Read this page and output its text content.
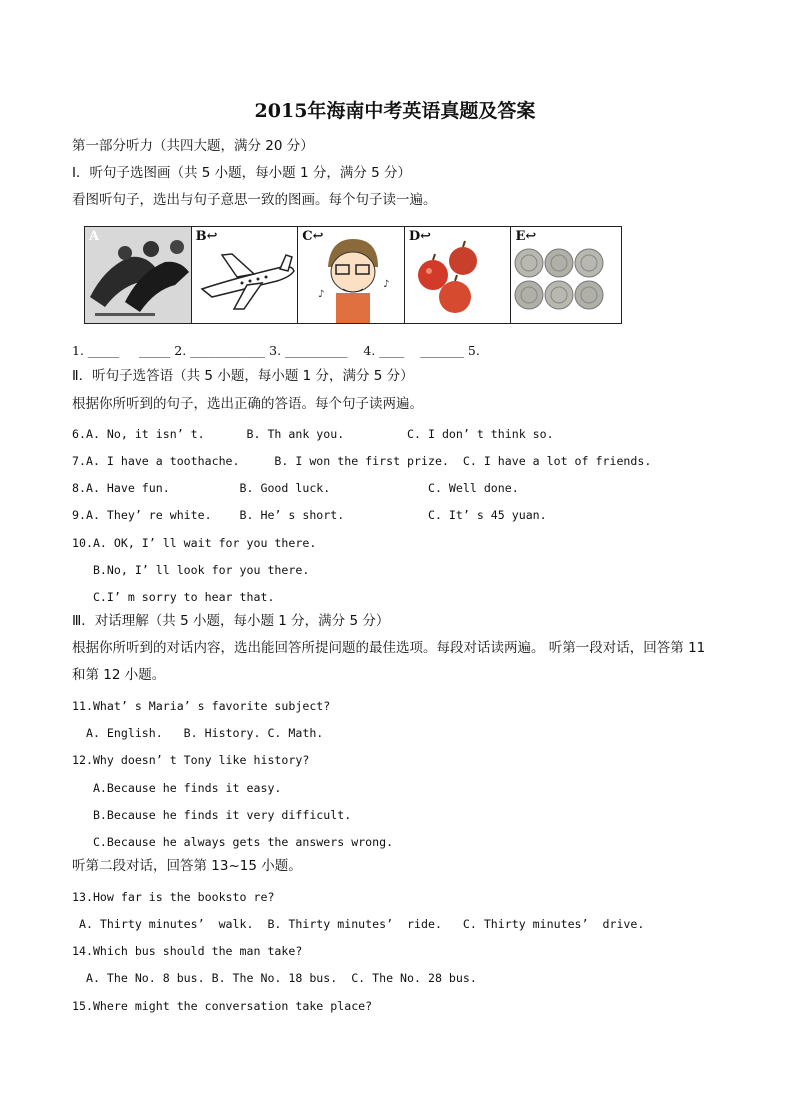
2015年海南中考英语真题及答案
第一部分听力（共四大题，满分 20 分）
I．听句子选图画（共 5 小题，每小题 1 分，满分 5 分）
看图听句子，选出与句子意思一致的图画。每个句子读一遍。
A	B↩
♪
♪
C↩	D↩	E↩
1. _____     _____ 2. ____________ 3. __________    4. ____    _______ 5.
Ⅱ．听句子选答语（共 5 小题，每小题 1 分，满分 5 分）
根据你所听到的句子，选出正确的答语。每个句子读两遍。
6.A. No, it isn’ t.      B. Th ank you.         C. I don’ t think so.
7.A. I have a toothache.     B. I won the first prize.  C. I have a lot of friends.
8.A. Have fun.          B. Good luck.              C. Well done.
9.A. They’ re white.    B. He’ s short.            C. It’ s 45 yuan.
10.A. OK, I’ ll wait for you there.
B.No, I’ ll look for you there.
C.I’ m sorry to hear that.
Ⅲ．对话理解（共 5 小题，每小题 1 分，满分 5 分）
根据你所听到的对话内容，选出能回答所提问题的最佳选项。每段对话读两遍。 听第一段对话，回答第 11 和第 12 小题。
11.What’ s Maria’ s favorite subject?
A. English.   B. History. C. Math.
12.Why doesn’ t Tony like history?
A.Because he finds it easy.
B.Because he finds it very difficult.
C.Because he always gets the answers wrong.
听第二段对话，回答第 13~15 小题。
13.How far is the booksto re?
A. Thirty minutes’  walk.  B. Thirty minutes’  ride.   C. Thirty minutes’  drive.
14.Which bus should the man take?
A. The No. 8 bus. B. The No. 18 bus.  C. The No. 28 bus.
15.Where might the conversation take place?
